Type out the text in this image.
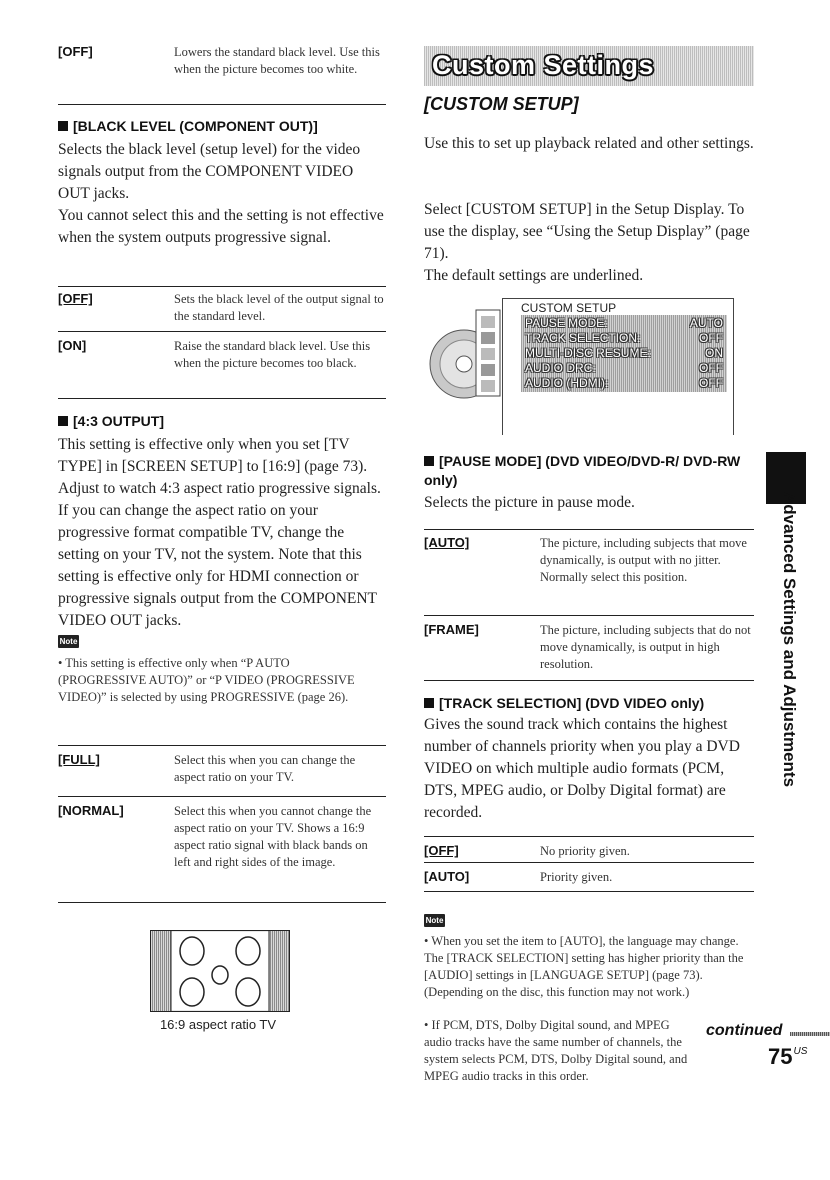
[OFF]	Lowers the standard black level. Use this when the picture becomes too white.
[BLACK LEVEL (COMPONENT OUT)]
Selects the black level (setup level) for the video signals output from the COMPONENT VIDEO OUT jacks.
You cannot select this and the setting is not effective when the system outputs progressive signal.
[OFF]	Sets the black level of the output signal to the standard level.
[ON]	Raise the standard black level. Use this when the picture becomes too black.
[4:3 OUTPUT]
This setting is effective only when you set [TV TYPE] in [SCREEN SETUP] to [16:9] (page 73). Adjust to watch 4:3 aspect ratio progressive signals. If you can change the aspect ratio on your progressive format compatible TV, change the setting on your TV, not the system. Note that this setting is effective only for HDMI connection or progressive signals output from the COMPONENT VIDEO OUT jacks.
Note
• This setting is effective only when “P AUTO (PROGRESSIVE AUTO)” or “P VIDEO (PROGRESSIVE VIDEO)” is selected by using PROGRESSIVE (page 26).
[FULL]	Select this when you can change the aspect ratio on your TV.
[NORMAL]	Select this when you cannot change the aspect ratio on your TV. Shows a 16:9 aspect ratio signal with black bands on left and right sides of the image.
16:9 aspect ratio TV
Custom Settings
[CUSTOM SETUP]
Use this to set up playback related and other settings.
Select [CUSTOM SETUP] in the Setup Display. To use the display, see “Using the Setup Display” (page 71).
The default settings are underlined.
CUSTOM SETUP
PAUSE MODE:	AUTO
TRACK SELECTION:	OFF
MULTI-DISC RESUME:	ON
AUDIO DRC:	OFF
AUDIO (HDMI):	OFF
[PAUSE MODE] (DVD VIDEO/DVD-R/ DVD-RW only)
Selects the picture in pause mode.
[AUTO]	The picture, including subjects that move dynamically, is output with no jitter. Normally select this position.
[FRAME]	The picture, including subjects that do not move dynamically, is output in high resolution.
[TRACK SELECTION] (DVD VIDEO only)
Gives the sound track which contains the highest number of channels priority when you play a DVD VIDEO on which multiple audio formats (PCM, DTS, MPEG audio, or Dolby Digital format) are recorded.
[OFF]	No priority given.
[AUTO]	Priority given.
Note
• When you set the item to [AUTO], the language may change. The [TRACK SELECTION] setting has higher priority than the [AUDIO] settings in [LANGUAGE SETUP] (page 73). (Depending on the disc, this function may not work.)
• If PCM, DTS, Dolby Digital sound, and MPEG audio tracks have the same number of channels, the system selects PCM, DTS, Dolby Digital sound, and MPEG audio tracks in this order.
Advanced Settings and Adjustments
continued
$75^{US}$
